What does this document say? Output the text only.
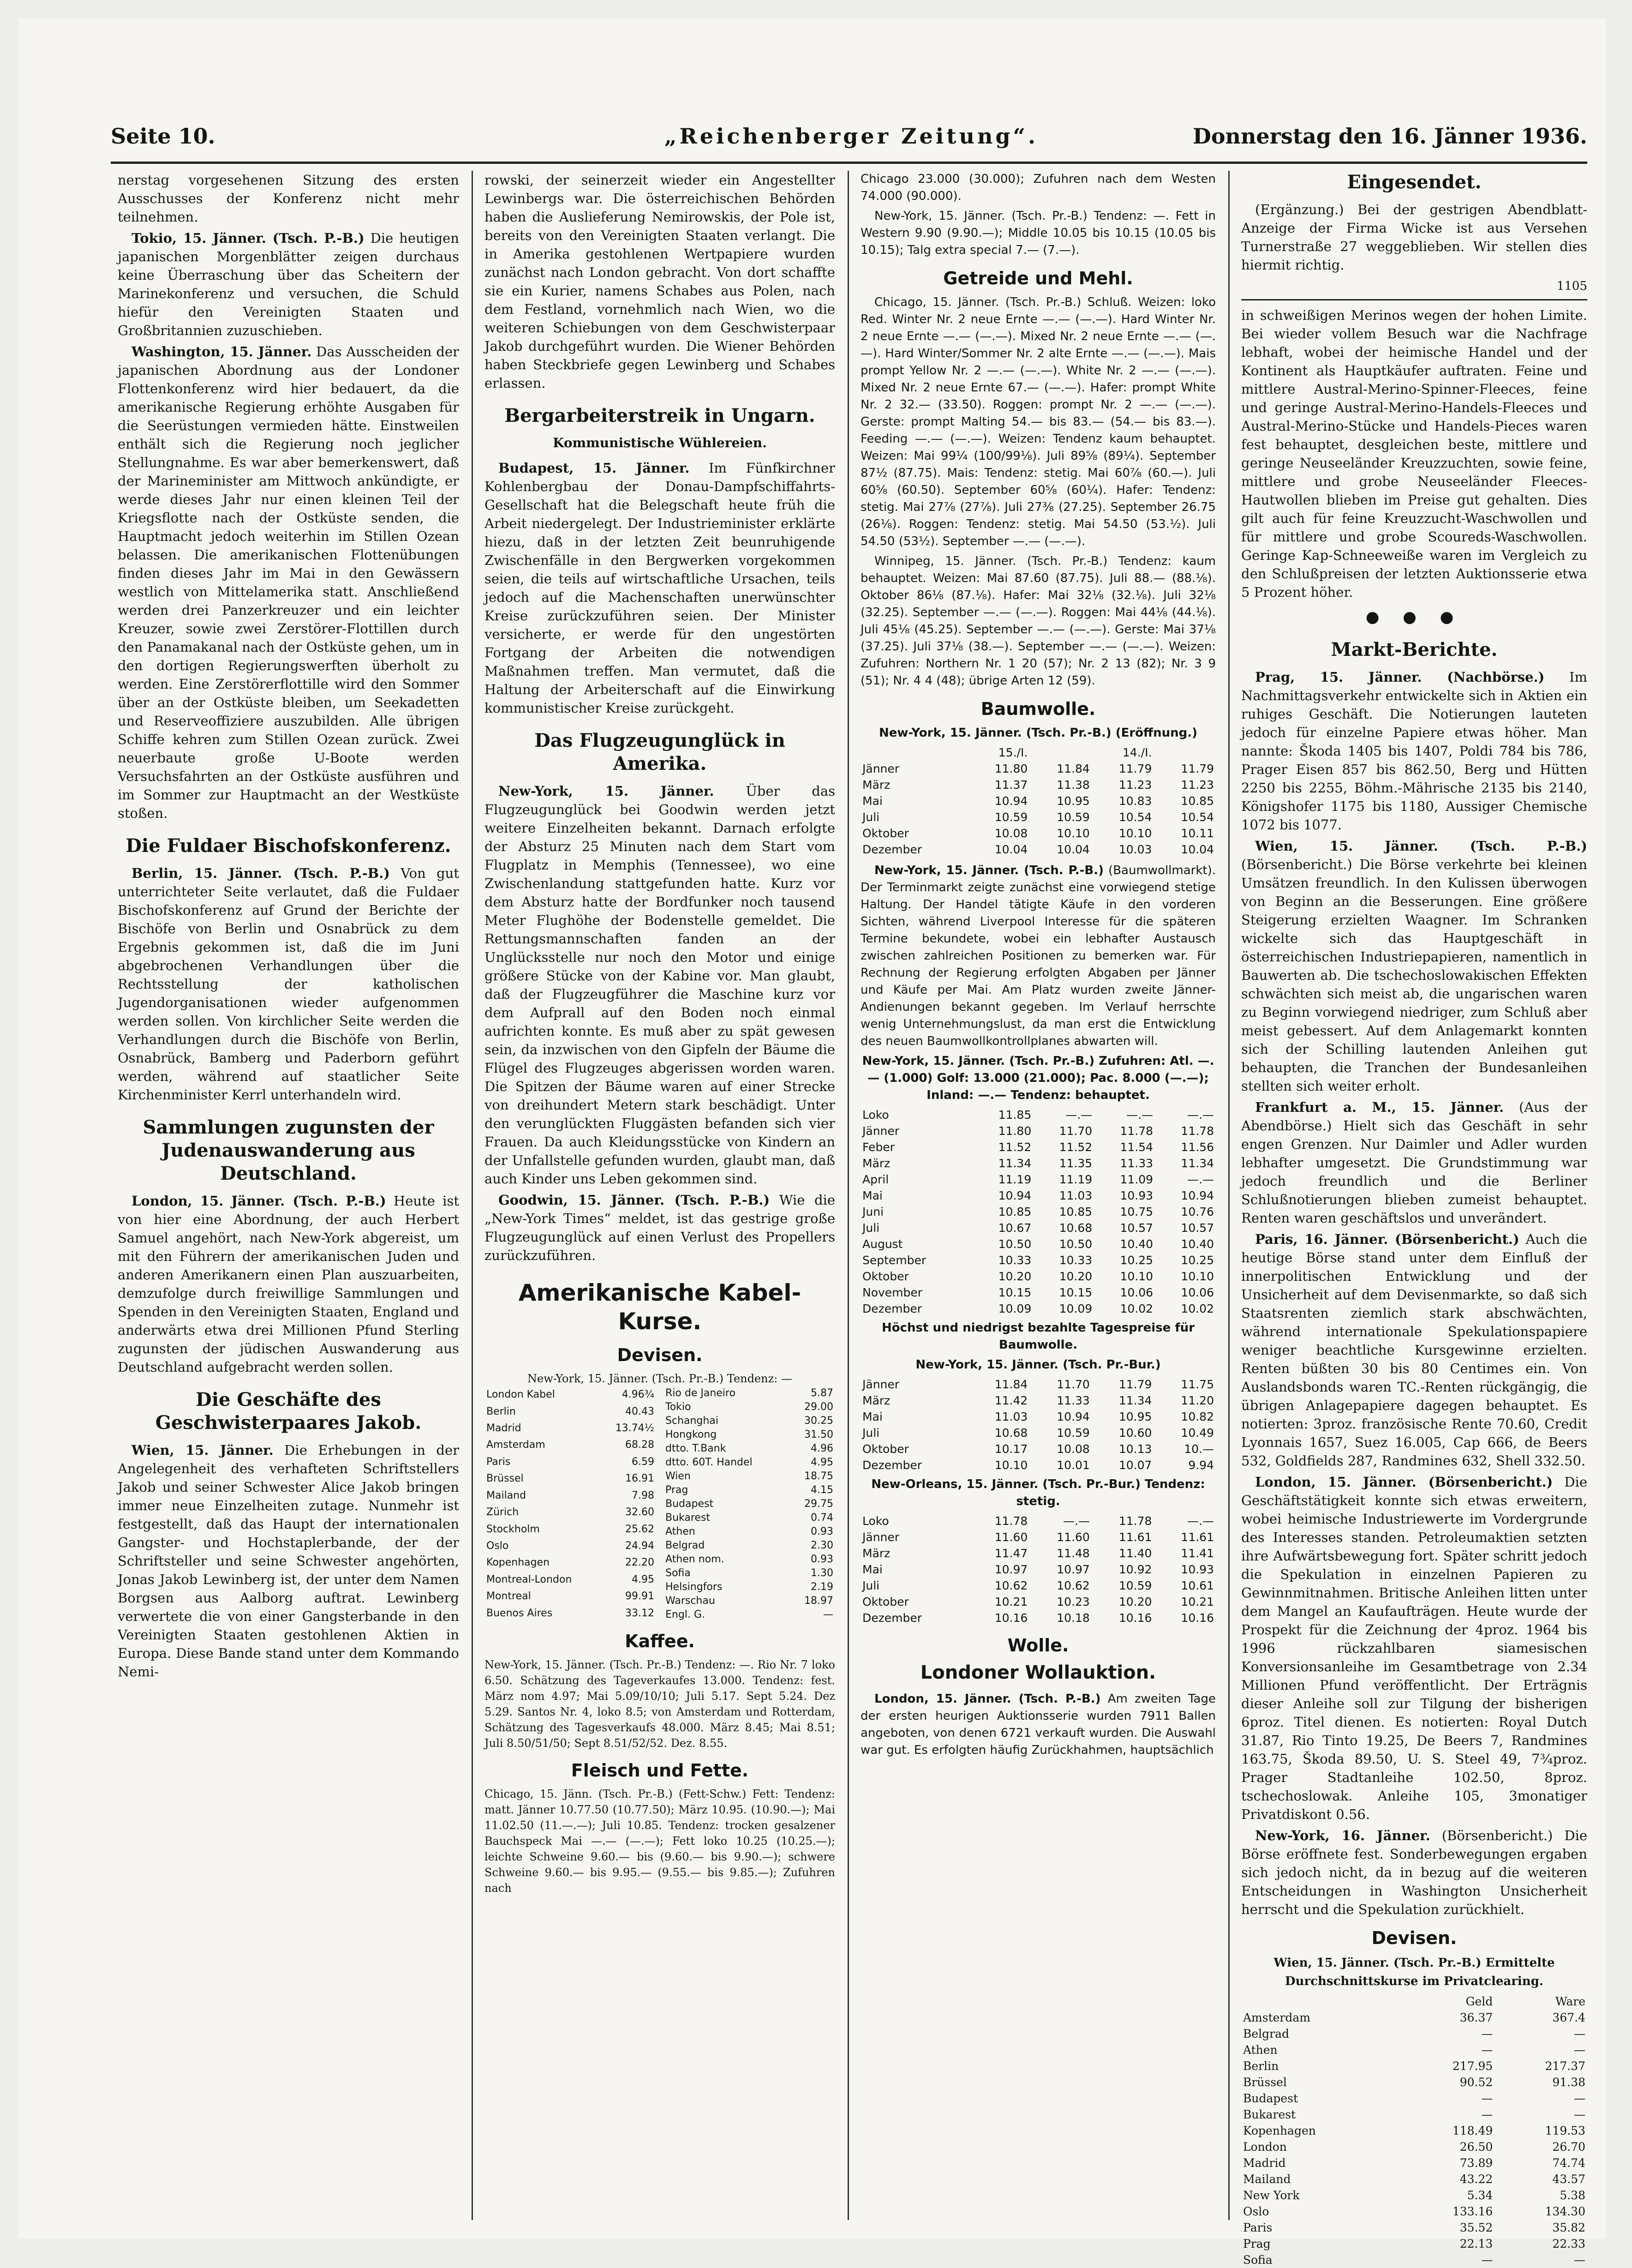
Seite 10.	„Reichenberger Zeitung“.	Donnerstag den 16. Jänner 1936.

nerstag vorgesehenen Sitzung des ersten Ausschusses der Konferenz nicht mehr teilnehmen.

Tokio, 15. Jänner. (Tsch. P.-B.) Die heutigen japanischen Morgenblätter zeigen durchaus keine Überraschung über das Scheitern der Marinekonferenz und versuchen, die Schuld hiefür den Vereinigten Staaten und Großbritannien zuzuschieben.

Washington, 15. Jänner. Das Ausscheiden der japanischen Abordnung aus der Londoner Flottenkonferenz wird hier bedauert, da die amerikanische Regierung erhöhte Ausgaben für die Seerüstungen vermieden hätte. Einstweilen enthält sich die Regierung noch jeglicher Stellungnahme. Es war aber bemerkenswert, daß der Marineminister am Mittwoch ankündigte, er werde dieses Jahr nur einen kleinen Teil der Kriegsflotte nach der Ostküste senden, die Hauptmacht jedoch weiterhin im Stillen Ozean belassen. Die amerikanischen Flottenübungen finden dieses Jahr im Mai in den Gewässern westlich von Mittelamerika statt. Anschließend werden drei Panzerkreuzer und ein leichter Kreuzer, sowie zwei Zerstörer-Flottillen durch den Panamakanal nach der Ostküste gehen, um in den dortigen Regierungswerften überholt zu werden. Eine Zerstörerflottille wird den Sommer über an der Ostküste bleiben, um Seekadetten und Reserveoffiziere auszubilden. Alle übrigen Schiffe kehren zum Stillen Ozean zurück. Zwei neuerbaute große U-Boote werden Versuchsfahrten an der Ostküste ausführen und im Sommer zur Hauptmacht an der Westküste stoßen.

Die Fuldaer Bischofskonferenz.

Berlin, 15. Jänner. (Tsch. P.-B.) Von gut unterrichteter Seite verlautet, daß die Fuldaer Bischofskonferenz auf Grund der Berichte der Bischöfe von Berlin und Osnabrück zu dem Ergebnis gekommen ist, daß die im Juni abgebrochenen Verhandlungen über die Rechtsstellung der katholischen Jugendorganisationen wieder aufgenommen werden sollen. Von kirchlicher Seite werden die Verhandlungen durch die Bischöfe von Berlin, Osnabrück, Bamberg und Paderborn geführt werden, während auf staatlicher Seite Kirchenminister Kerrl unterhandeln wird.

Sammlungen zugunsten der Judenauswanderung aus Deutschland.

London, 15. Jänner. (Tsch. P.-B.) Heute ist von hier eine Abordnung, der auch Herbert Samuel angehört, nach New-York abgereist, um mit den Führern der amerikanischen Juden und anderen Amerikanern einen Plan auszuarbeiten, demzufolge durch freiwillige Sammlungen und Spenden in den Vereinigten Staaten, England und anderwärts etwa drei Millionen Pfund Sterling zugunsten der jüdischen Auswanderung aus Deutschland aufgebracht werden sollen.

Die Geschäfte des Geschwisterpaares Jakob.

Wien, 15. Jänner. Die Erhebungen in der Angelegenheit des verhafteten Schriftstellers Jakob und seiner Schwester Alice Jakob bringen immer neue Einzelheiten zutage. Nunmehr ist festgestellt, daß das Haupt der internationalen Gangster- und Hochstaplerbande, der der Schriftsteller und seine Schwester angehörten, Jonas Jakob Lewinberg ist, der unter dem Namen Borgsen aus Aalborg auftrat. Lewinberg verwertete die von einer Gangsterbande in den Vereinigten Staaten gestohlenen Aktien in Europa. Diese Bande stand unter dem Kommando Nemi-

rowski, der seinerzeit wieder ein Angestellter Lewinbergs war. Die österreichischen Behörden haben die Auslieferung Nemirowskis, der Pole ist, bereits von den Vereinigten Staaten verlangt. Die in Amerika gestohlenen Wertpapiere wurden zunächst nach London gebracht. Von dort schaffte sie ein Kurier, namens Schabes aus Polen, nach dem Festland, vornehmlich nach Wien, wo die weiteren Schiebungen von dem Geschwisterpaar Jakob durchgeführt wurden. Die Wiener Behörden haben Steckbriefe gegen Lewinberg und Schabes erlassen.

Bergarbeiterstreik in Ungarn.
Kommunistische Wühlereien.

Budapest, 15. Jänner. Im Fünfkirchner Kohlenbergbau der Donau-Dampfschiffahrts-Gesellschaft hat die Belegschaft heute früh die Arbeit niedergelegt. Der Industrieminister erklärte hiezu, daß in der letzten Zeit beunruhigende Zwischenfälle in den Bergwerken vorgekommen seien, die teils auf wirtschaftliche Ursachen, teils jedoch auf die Machenschaften unerwünschter Kreise zurückzuführen seien. Der Minister versicherte, er werde für den ungestörten Fortgang der Arbeiten die notwendigen Maßnahmen treffen. Man vermutet, daß die Haltung der Arbeiterschaft auf die Einwirkung kommunistischer Kreise zurückgeht.

Das Flugzeugunglück in Amerika.

New-York, 15. Jänner. Über das Flugzeugunglück bei Goodwin werden jetzt weitere Einzelheiten bekannt. Darnach erfolgte der Absturz 25 Minuten nach dem Start vom Flugplatz in Memphis (Tennessee), wo eine Zwischenlandung stattgefunden hatte. Kurz vor dem Absturz hatte der Bordfunker noch tausend Meter Flughöhe der Bodenstelle gemeldet. Die Rettungsmannschaften fanden an der Unglücksstelle nur noch den Motor und einige größere Stücke von der Kabine vor. Man glaubt, daß der Flugzeugführer die Maschine kurz vor dem Aufprall auf den Boden noch einmal aufrichten konnte. Es muß aber zu spät gewesen sein, da inzwischen von den Gipfeln der Bäume die Flügel des Flugzeuges abgerissen worden waren. Die Spitzen der Bäume waren auf einer Strecke von dreihundert Metern stark beschädigt. Unter den verunglückten Fluggästen befanden sich vier Frauen. Da auch Kleidungsstücke von Kindern an der Unfallstelle gefunden wurden, glaubt man, daß auch Kinder uns Leben gekommen sind.

Goodwin, 15. Jänner. (Tsch. P.-B.) Wie die „New-York Times“ meldet, ist das gestrige große Flugzeugunglück auf einen Verlust des Propellers zurückzuführen.

Amerikanische Kabel-Kurse.
Devisen.
New-York, 15. Jänner. (Tsch. Pr.-B.) Tendenz: —
London Kabel	4.96¾
Berlin	40.43
Madrid	13.74½
Amsterdam	68.28
Paris	6.59
Brüssel	16.91
Mailand	7.98
Zürich	32.60
Stockholm	25.62
Oslo	24.94
Kopenhagen	22.20
Montreal-London	4.95
Montreal	99.91
Buenos Aires	33.12
Rio de Janeiro	5.87
Tokio	29.00
Schanghai	30.25
Hongkong	31.50
dtto. T.Bank	4.96
dtto. 60T. Handel	4.95
Wien	18.75
Prag	4.15
Budapest	29.75
Bukarest	0.74
Athen	0.93
Belgrad	2.30
Athen nom.	0.93
Sofia	1.30
Helsingfors	2.19
Warschau	18.97
Engl. G.	—
Kaffee.

New-York, 15. Jänner. (Tsch. Pr.-B.) Tendenz: —. Rio Nr. 7 loko 6.50. Schätzung des Tageverkaufes 13.000. Tendenz: fest. März nom 4.97; Mai 5.09/10/10; Juli 5.17. Sept 5.24. Dez 5.29. Santos Nr. 4, loko 8.5; von Amsterdam und Rotterdam, Schätzung des Tagesverkaufs 48.000. März 8.45; Mai 8.51; Juli 8.50/51/50; Sept 8.51/52/52. Dez. 8.55.

Fleisch und Fette.

Chicago, 15. Jänn. (Tsch. Pr.-B.) (Fett-Schw.) Fett: Tendenz: matt. Jänner 10.77.50 (10.77.50); März 10.95. (10.90.—); Mai 11.02.50 (11.—.—); Juli 10.85. Tendenz: trocken gesalzener Bauchspeck Mai —.— (—.—); Fett loko 10.25 (10.25.—); leichte Schweine 9.60.— bis (9.60.— bis 9.90.—); schwere Schweine 9.60.— bis 9.95.— (9.55.— bis 9.85.—); Zufuhren nach

Chicago 23.000 (30.000); Zufuhren nach dem Westen 74.000 (90.000).

New-York, 15. Jänner. (Tsch. Pr.-B.) Tendenz: —. Fett in Western 9.90 (9.90.—); Middle 10.05 bis 10.15 (10.05 bis 10.15); Talg extra special 7.— (7.—).

Getreide und Mehl.

Chicago, 15. Jänner. (Tsch. Pr.-B.) Schluß. Weizen: loko Red. Winter Nr. 2 neue Ernte —.— (—.—). Hard Winter Nr. 2 neue Ernte —.— (—.—). Mixed Nr. 2 neue Ernte —.— (—.—). Hard Winter/Sommer Nr. 2 alte Ernte —.— (—.—). Mais prompt Yellow Nr. 2 —.— (—.—). White Nr. 2 —.— (—.—). Mixed Nr. 2 neue Ernte 67.— (—.—). Hafer: prompt White Nr. 2 32.— (33.50). Roggen: prompt Nr. 2 —.— (—.—). Gerste: prompt Malting 54.— bis 83.— (54.— bis 83.—). Feeding —.— (—.—). Weizen: Tendenz kaum behauptet. Weizen: Mai 99¼ (100/99⅛). Juli 89⅝ (89¼). September 87½ (87.75). Mais: Tendenz: stetig. Mai 60⅞ (60.—). Juli 60⅝ (60.50). September 60⅝ (60¼). Hafer: Tendenz: stetig. Mai 27⅞ (27⅞). Juli 27⅜ (27.25). September 26.75 (26⅛). Roggen: Tendenz: stetig. Mai 54.50 (53.½). Juli 54.50 (53½). September —.— (—.—).

Winnipeg, 15. Jänner. (Tsch. Pr.-B.) Tendenz: kaum behauptet. Weizen: Mai 87.60 (87.75). Juli 88.— (88.⅛). Oktober 86⅛ (87.⅛). Hafer: Mai 32⅛ (32.⅛). Juli 32⅛ (32.25). September —.— (—.—). Roggen: Mai 44⅛ (44.⅛). Juli 45⅛ (45.25). September —.— (—.—). Gerste: Mai 37⅛ (37.25). Juli 37⅛ (38.—). September —.— (—.—). Weizen: Zufuhren: Northern Nr. 1 20 (57); Nr. 2 13 (82); Nr. 3 9 (51); Nr. 4 4 (48); übrige Arten 12 (59).

Baumwolle.
New-York, 15. Jänner. (Tsch. Pr.-B.) (Eröffnung.)
	15./I.		14./I.	
Jänner	11.80	11.84	11.79	11.79
März	11.37	11.38	11.23	11.23
Mai	10.94	10.95	10.83	10.85
Juli	10.59	10.59	10.54	10.54
Oktober	10.08	10.10	10.10	10.11
Dezember	10.04	10.04	10.03	10.04

New-York, 15. Jänner. (Tsch. P.-B.) (Baumwollmarkt). Der Terminmarkt zeigte zunächst eine vorwiegend stetige Haltung. Der Handel tätigte Käufe in den vorderen Sichten, während Liverpool Interesse für die späteren Termine bekundete, wobei ein lebhafter Austausch zwischen zahlreichen Positionen zu bemerken war. Für Rechnung der Regierung erfolgten Abgaben per Jänner und Käufe per Mai. Am Platz wurden zweite Jänner-Andienungen bekannt gegeben. Im Verlauf herrschte wenig Unternehmungslust, da man erst die Entwicklung des neuen Baumwollkontrollplanes abwarten will.

New-York, 15. Jänner. (Tsch. Pr.-B.) Zufuhren: Atl. —.— (1.000) Golf: 13.000 (21.000); Pac. 8.000 (—.—); Inland: —.— Tendenz: behauptet.
Loko	11.85	—.—	—.—	—.—
Jänner	11.80	11.70	11.78	11.78
Feber	11.52	11.52	11.54	11.56
März	11.34	11.35	11.33	11.34
April	11.19	11.19	11.09	—.—
Mai	10.94	11.03	10.93	10.94
Juni	10.85	10.85	10.75	10.76
Juli	10.67	10.68	10.57	10.57
August	10.50	10.50	10.40	10.40
September	10.33	10.33	10.25	10.25
Oktober	10.20	10.20	10.10	10.10
November	10.15	10.15	10.06	10.06
Dezember	10.09	10.09	10.02	10.02
Höchst und niedrigst bezahlte Tagespreise für Baumwolle.
New-York, 15. Jänner. (Tsch. Pr.-Bur.)
Jänner	11.84	11.70	11.79	11.75
März	11.42	11.33	11.34	11.20
Mai	11.03	10.94	10.95	10.82
Juli	10.68	10.59	10.60	10.49
Oktober	10.17	10.08	10.13	10.—
Dezember	10.10	10.01	10.07	9.94
New-Orleans, 15. Jänner. (Tsch. Pr.-Bur.) Tendenz: stetig.
Loko	11.78	—.—	11.78	—.—
Jänner	11.60	11.60	11.61	11.61
März	11.47	11.48	11.40	11.41
Mai	10.97	10.97	10.92	10.93
Juli	10.62	10.62	10.59	10.61
Oktober	10.21	10.23	10.20	10.21
Dezember	10.16	10.18	10.16	10.16
Wolle.
Londoner Wollauktion.

London, 15. Jänner. (Tsch. P.-B.) Am zweiten Tage der ersten heurigen Auktionsserie wurden 7911 Ballen angeboten, von denen 6721 verkauft wurden. Die Auswahl war gut. Es erfolgten häufig Zurückhahmen, hauptsächlich

Eingesendet.

(Ergänzung.) Bei der gestrigen Abendblatt-Anzeige der Firma Wicke ist aus Versehen Turnerstraße 27 weggeblieben. Wir stellen dies hiermit richtig.

1105

in schweißigen Merinos wegen der hohen Limite. Bei wieder vollem Besuch war die Nachfrage lebhaft, wobei der heimische Handel und der Kontinent als Hauptkäufer auftraten. Feine und mittlere Austral-Merino-Spinner-Fleeces, feine und geringe Austral-Merino-Handels-Fleeces und Austral-Merino-Stücke und Handels-Pieces waren fest behauptet, desgleichen beste, mittlere und geringe Neuseeländer Kreuzzuchten, sowie feine, mittlere und grobe Neuseeländer Fleeces-Hautwollen blieben im Preise gut gehalten. Dies gilt auch für feine Kreuzzucht-Waschwollen und für mittlere und grobe Scoureds-Waschwollen. Geringe Kap-Schneeweiße waren im Vergleich zu den Schlußpreisen der letzten Auktionsserie etwa 5 Prozent höher.

● ● ●
Markt-Berichte.

Prag, 15. Jänner. (Nachbörse.) Im Nachmittagsverkehr entwickelte sich in Aktien ein ruhiges Geschäft. Die Notierungen lauteten jedoch für einzelne Papiere etwas höher. Man nannte: Škoda 1405 bis 1407, Poldi 784 bis 786, Prager Eisen 857 bis 862.50, Berg und Hütten 2250 bis 2255, Böhm.-Mährische 2135 bis 2140, Königshofer 1175 bis 1180, Aussiger Chemische 1072 bis 1077.

Wien, 15. Jänner. (Tsch. P.-B.) (Börsenbericht.) Die Börse verkehrte bei kleinen Umsätzen freundlich. In den Kulissen überwogen von Beginn an die Besserungen. Eine größere Steigerung erzielten Waagner. Im Schranken wickelte sich das Hauptgeschäft in österreichischen Industriepapieren, namentlich in Bauwerten ab. Die tschechoslowakischen Effekten schwächten sich meist ab, die ungarischen waren zu Beginn vorwiegend niedriger, zum Schluß aber meist gebessert. Auf dem Anlagemarkt konnten sich der Schilling lautenden Anleihen gut behaupten, die Tranchen der Bundesanleihen stellten sich weiter erholt.

Frankfurt a. M., 15. Jänner. (Aus der Abendbörse.) Hielt sich das Geschäft in sehr engen Grenzen. Nur Daimler und Adler wurden lebhafter umgesetzt. Die Grundstimmung war jedoch freundlich und die Berliner Schlußnotierungen blieben zumeist behauptet. Renten waren geschäftslos und unverändert.

Paris, 16. Jänner. (Börsenbericht.) Auch die heutige Börse stand unter dem Einfluß der innerpolitischen Entwicklung und der Unsicherheit auf dem Devisenmarkte, so daß sich Staatsrenten ziemlich stark abschwächten, während internationale Spekulationspapiere weniger beachtliche Kursgewinne erzielten. Renten büßten 30 bis 80 Centimes ein. Von Auslandsbonds waren TC.-Renten rückgängig, die übrigen Anlagepapiere dagegen behauptet. Es notierten: 3proz. französische Rente 70.60, Credit Lyonnais 1657, Suez 16.005, Cap 666, de Beers 532, Goldfields 287, Randmines 632, Shell 332.50.

London, 15. Jänner. (Börsenbericht.) Die Geschäftstätigkeit konnte sich etwas erweitern, wobei heimische Industriewerte im Vordergrunde des Interesses standen. Petroleumaktien setzten ihre Aufwärtsbewegung fort. Später schritt jedoch die Spekulation in einzelnen Papieren zu Gewinnmitnahmen. Britische Anleihen litten unter dem Mangel an Kaufaufträgen. Heute wurde der Prospekt für die Zeichnung der 4proz. 1964 bis 1996 rückzahlbaren siamesischen Konversionsanleihe im Gesamtbetrage von 2.34 Millionen Pfund veröffentlicht. Der Erträgnis dieser Anleihe soll zur Tilgung der bisherigen 6proz. Titel dienen. Es notierten: Royal Dutch 31.87, Rio Tinto 19.25, De Beers 7, Randmines 163.75, Škoda 89.50, U. S. Steel 49, 7¾proz. Prager Stadtanleihe 102.50, 8proz. tschechoslowak. Anleihe 105, 3monatiger Privatdiskont 0.56.

New-York, 16. Jänner. (Börsenbericht.) Die Börse eröffnete fest. Sonderbewegungen ergaben sich jedoch nicht, da in bezug auf die weiteren Entscheidungen in Washington Unsicherheit herrscht und die Spekulation zurückhielt.

Devisen.
Wien, 15. Jänner. (Tsch. Pr.-B.) Ermittelte Durchschnittskurse im Privatclearing.
	Geld	Ware
Amsterdam	36.37	367.4
Belgrad	—	—
Athen	—	—
Berlin	217.95	217.37
Brüssel	90.52	91.38
Budapest	—	—
Bukarest	—	—
Kopenhagen	118.49	119.53
London	26.50	26.70
Madrid	73.89	74.74
Mailand	43.22	43.57
New York	5.34	5.38
Oslo	133.16	134.30
Paris	35.52	35.82
Prag	22.13	22.33
Sofia	—	—
